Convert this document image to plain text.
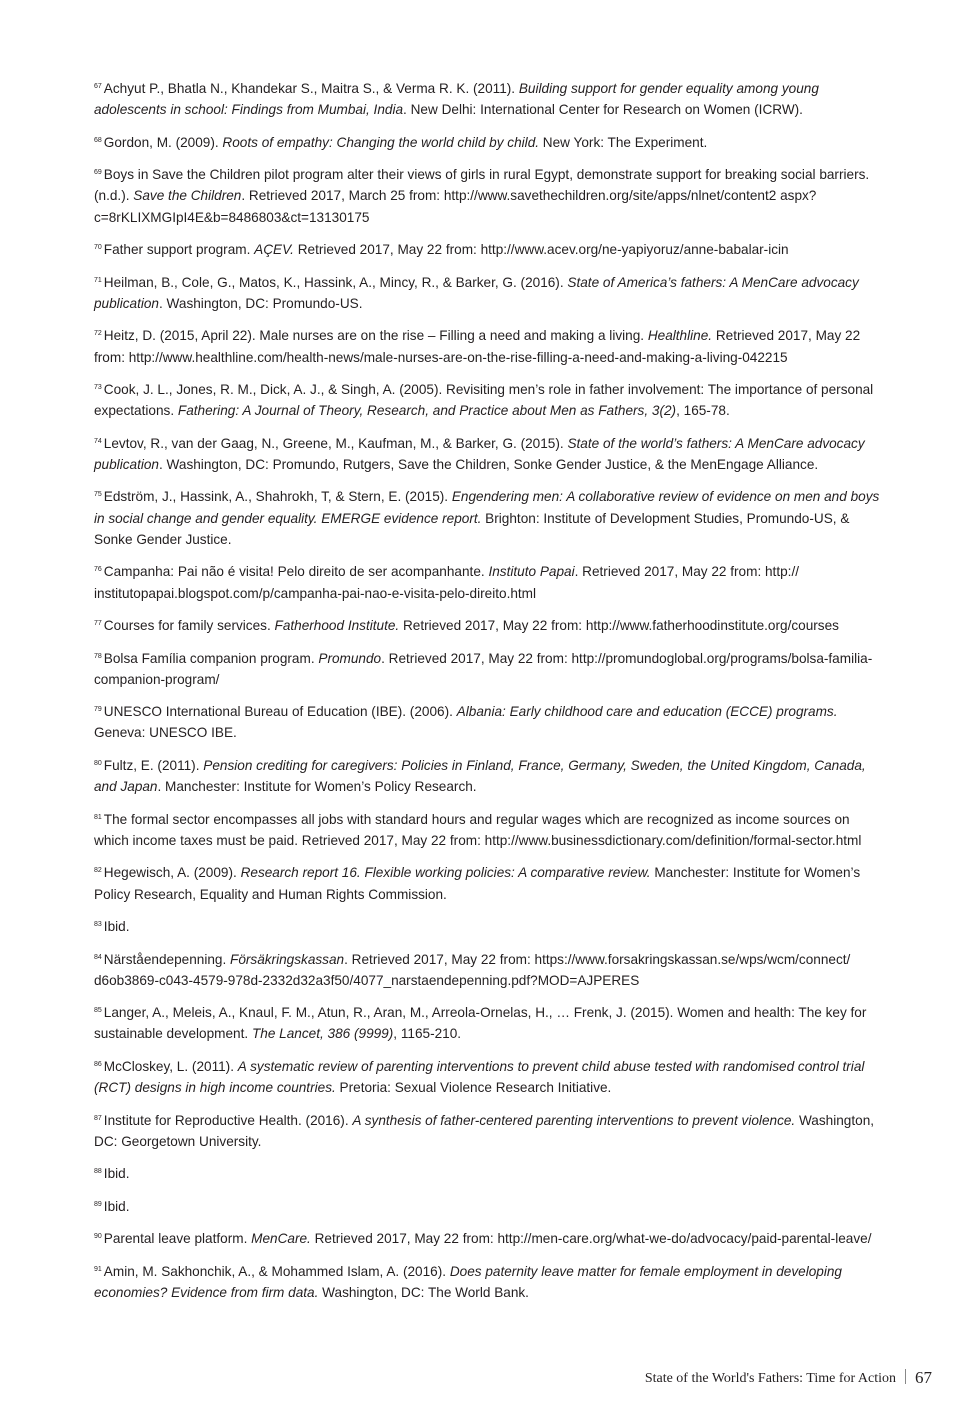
$^{67}$ Achyut P., Bhatla N., Khandekar S., Maitra S., & Verma R. K. (2011). Building support for gender equality among young adolescents in school: Findings from Mumbai, India. New Delhi: International Center for Research on Women (ICRW).

$^{68}$ Gordon, M. (2009). Roots of empathy: Changing the world child by child. New York: The Experiment.

$^{69}$ Boys in Save the Children pilot program alter their views of girls in rural Egypt, demonstrate support for breaking social barriers. (n.d.). Save the Children. Retrieved 2017, March 25 from: http://www.savethechildren.org/site/apps/nlnet/content2 aspx?c=8rKLIXMGIpI4E&b=8486803&ct=13130175

$^{70}$ Father support program. AÇEV. Retrieved 2017, May 22 from: http://www.acev.org/ne-yapiyoruz/anne-babalar-icin

$^{71}$ Heilman, B., Cole, G., Matos, K., Hassink, A., Mincy, R., & Barker, G. (2016). State of America’s fathers: A MenCare advocacy publication. Washington, DC: Promundo-US.

$^{72}$ Heitz, D. (2015, April 22). Male nurses are on the rise – Filling a need and making a living. Healthline. Retrieved 2017, May 22 from: http://www.healthline.com/health-news/male-nurses-are-on-the-rise-filling-a-need-and-making-a-living-042215

$^{73}$ Cook, J. L., Jones, R. M., Dick, A. J., & Singh, A. (2005). Revisiting men’s role in father involvement: The importance of personal expectations. Fathering: A Journal of Theory, Research, and Practice about Men as Fathers, 3(2), 165-78.

$^{74}$ Levtov, R., van der Gaag, N., Greene, M., Kaufman, M., & Barker, G. (2015). State of the world’s fathers: A MenCare advocacy publication. Washington, DC: Promundo, Rutgers, Save the Children, Sonke Gender Justice, & the MenEngage Alliance.

$^{75}$ Edström, J., Hassink, A., Shahrokh, T, & Stern, E. (2015). Engendering men: A collaborative review of evidence on men and boys in social change and gender equality. EMERGE evidence report. Brighton: Institute of Development Studies, Promundo-US, & Sonke Gender Justice.

$^{76}$ Campanha: Pai não é visita! Pelo direito de ser acompanhante. Instituto Papai. Retrieved 2017, May 22 from: http:// institutopapai.blogspot.com/p/campanha-pai-nao-e-visita-pelo-direito.html

$^{77}$ Courses for family services. Fatherhood Institute. Retrieved 2017, May 22 from: http://www.fatherhoodinstitute.org/courses

$^{78}$ Bolsa Família companion program. Promundo. Retrieved 2017, May 22 from: http://promundoglobal.org/programs/bolsa-familia-companion-program/

$^{79}$ UNESCO International Bureau of Education (IBE). (2006). Albania: Early childhood care and education (ECCE) programs. Geneva: UNESCO IBE.

$^{80}$ Fultz, E. (2011). Pension crediting for caregivers: Policies in Finland, France, Germany, Sweden, the United Kingdom, Canada, and Japan. Manchester: Institute for Women’s Policy Research.

$^{81}$ The formal sector encompasses all jobs with standard hours and regular wages which are recognized as income sources on which income taxes must be paid. Retrieved 2017, May 22 from: http://www.businessdictionary.com/definition/formal-sector.html

$^{82}$ Hegewisch, A. (2009). Research report 16. Flexible working policies: A comparative review. Manchester: Institute for Women’s Policy Research, Equality and Human Rights Commission.

$^{83}$ Ibid.

$^{84}$ Närståendepenning. Försäkringskassan. Retrieved 2017, May 22 from: https://www.forsakringskassan.se/wps/wcm/connect/ d6ob3869-c043-4579-978d-2332d32a3f50/4077_narstaendepenning.pdf?MOD=AJPERES

$^{85}$ Langer, A., Meleis, A., Knaul, F. M., Atun, R., Aran, M., Arreola-Ornelas, H., … Frenk, J. (2015). Women and health: The key for sustainable development. The Lancet, 386 (9999), 1165-210.

$^{86}$ McCloskey, L. (2011). A systematic review of parenting interventions to prevent child abuse tested with randomised control trial (RCT) designs in high income countries. Pretoria: Sexual Violence Research Initiative.

$^{87}$ Institute for Reproductive Health. (2016). A synthesis of father-centered parenting interventions to prevent violence. Washington, DC: Georgetown University.

$^{88}$ Ibid.

$^{89}$ Ibid.

$^{90}$ Parental leave platform. MenCare. Retrieved 2017, May 22 from: http://men-care.org/what-we-do/advocacy/paid-parental-leave/

$^{91}$ Amin, M. Sakhonchik, A., & Mohammed Islam, A. (2016). Does paternity leave matter for female employment in developing economies? Evidence from firm data. Washington, DC: The World Bank.

State of the World's Fathers: Time for Action 67
